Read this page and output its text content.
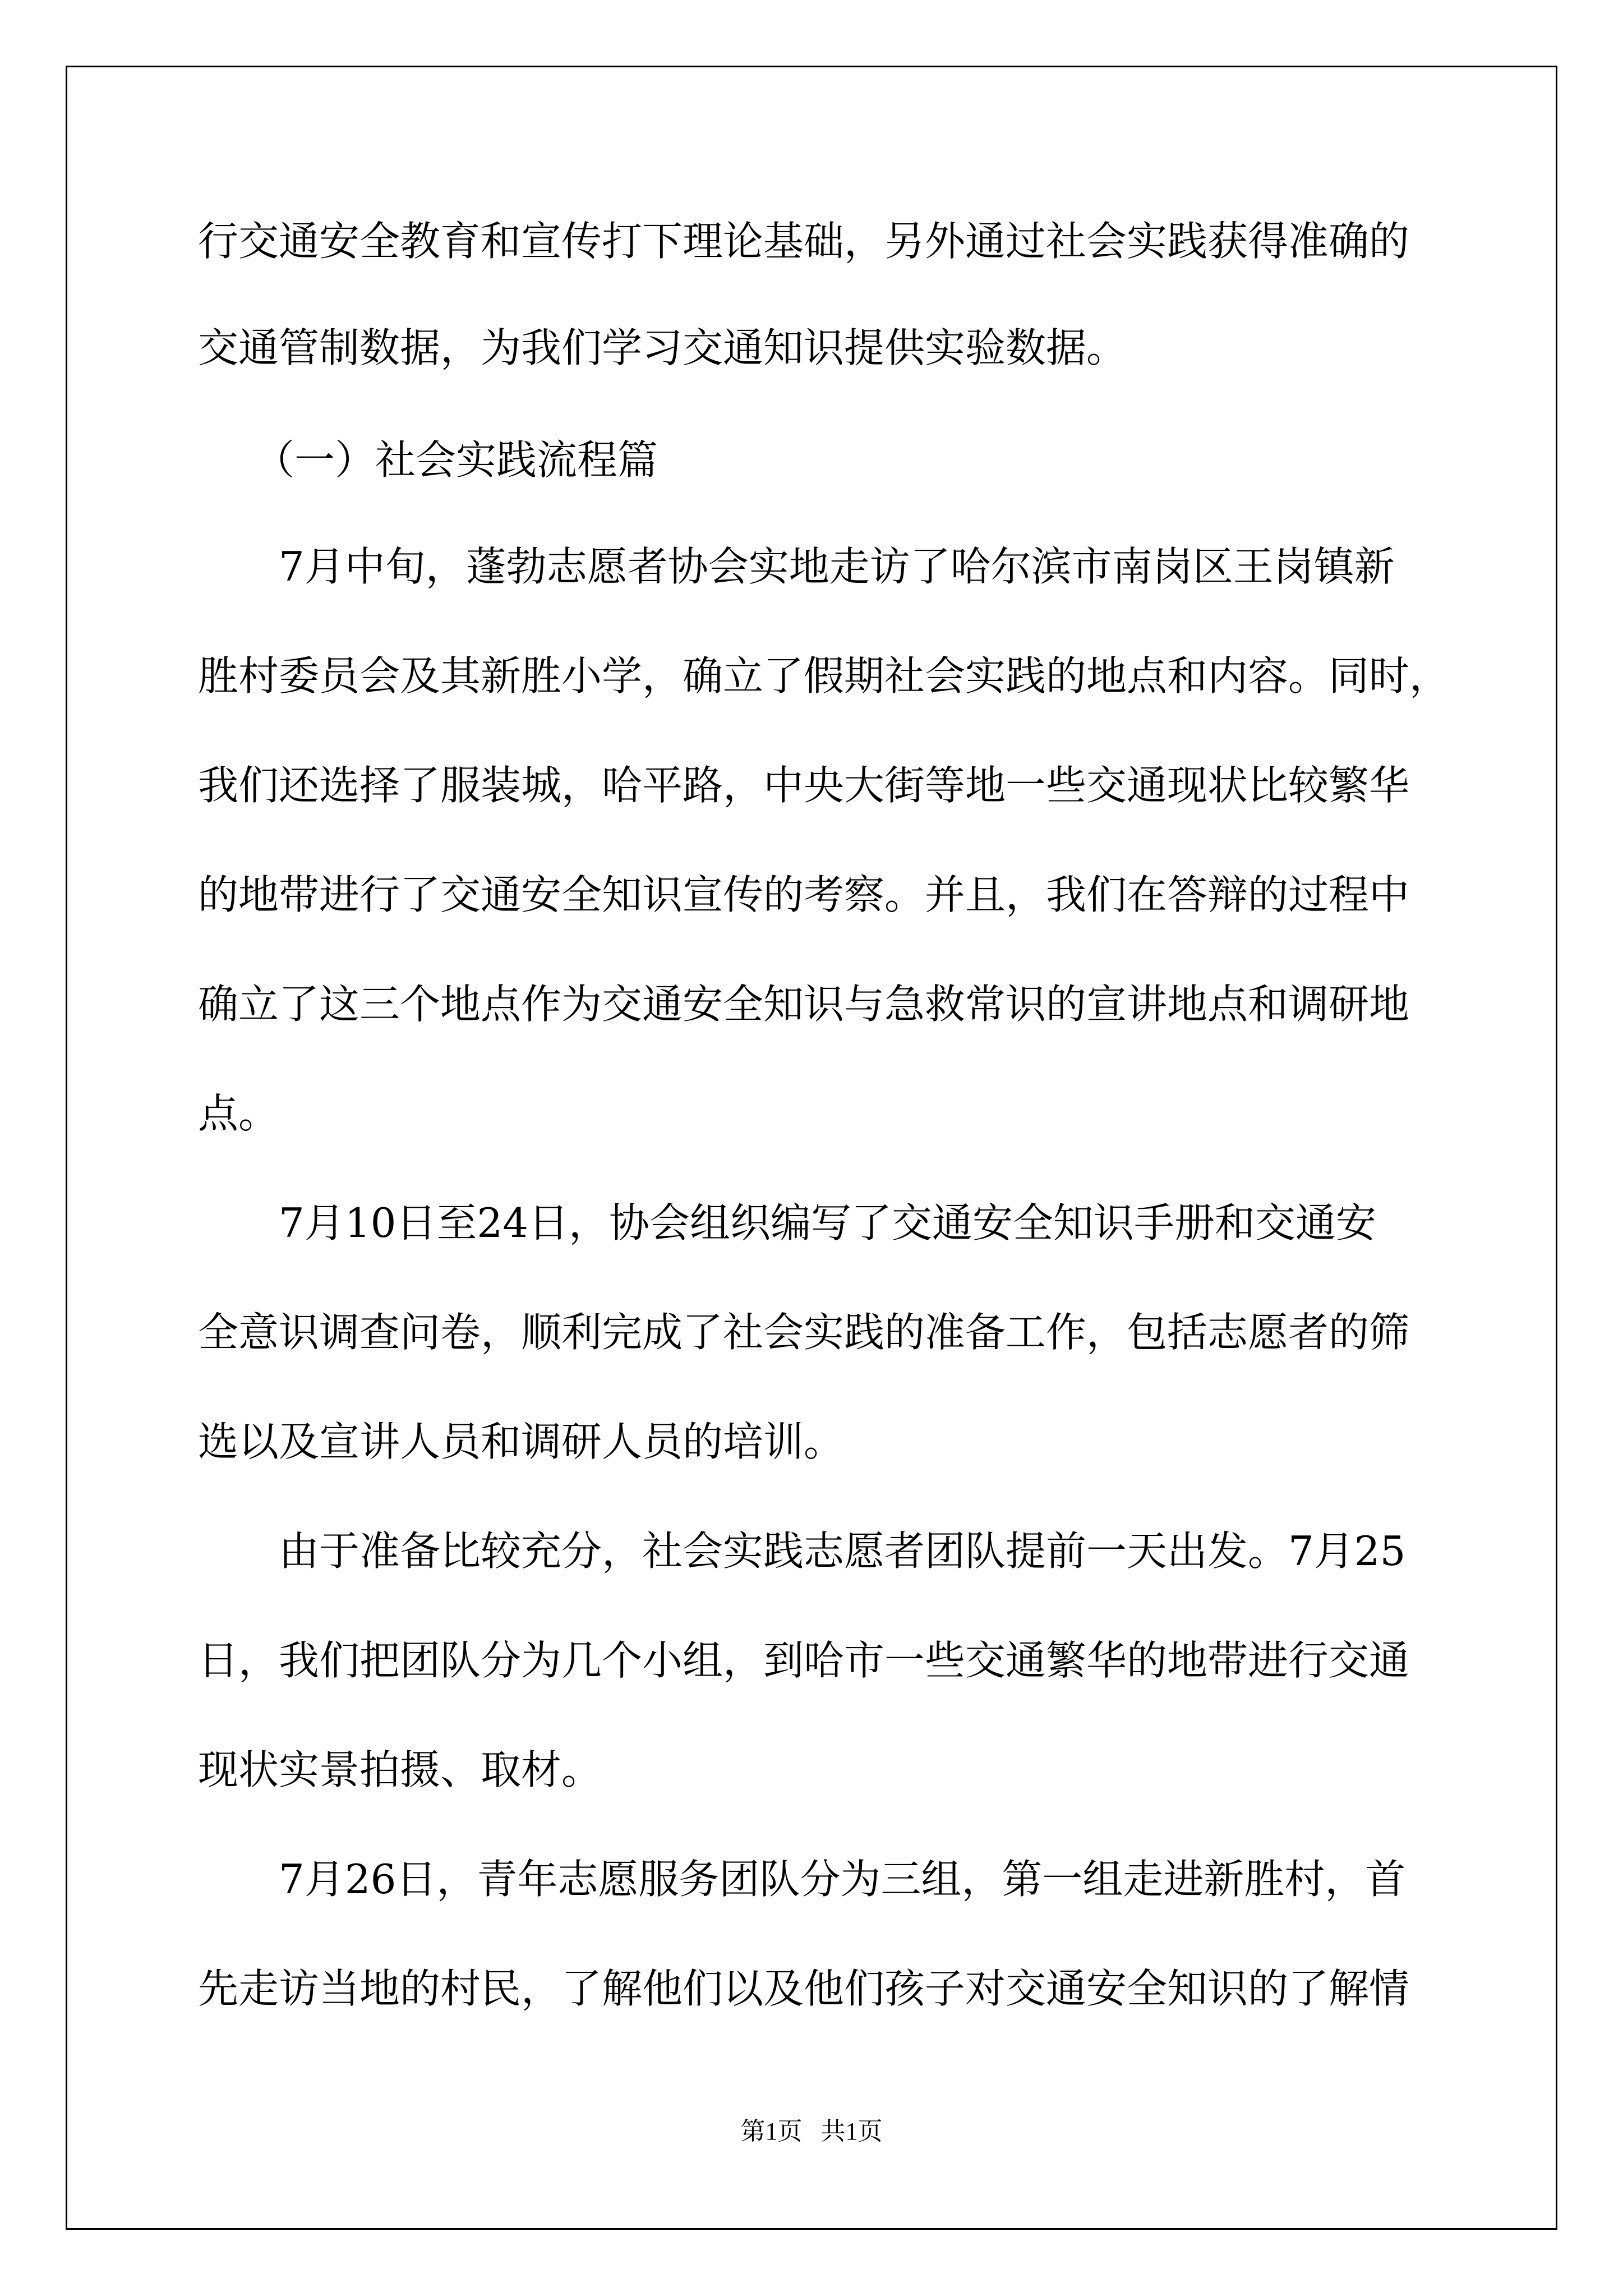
行交通安全教育和宣传打下理论基础，另外通过社会实践获得准确的

交通管制数据，为我们学习交通知识提供实验数据。

（一）社会实践流程篇

7月中旬，蓬勃志愿者协会实地走访了哈尔滨市南岗区王岗镇新

胜村委员会及其新胜小学，确立了假期社会实践的地点和内容。同时，

我们还选择了服装城，哈平路，中央大街等地一些交通现状比较繁华

的地带进行了交通安全知识宣传的考察。并且，我们在答辩的过程中

确立了这三个地点作为交通安全知识与急救常识的宣讲地点和调研地

点。

7月10日至24日，协会组织编写了交通安全知识手册和交通安

全意识调查问卷，顺利完成了社会实践的准备工作，包括志愿者的筛

选以及宣讲人员和调研人员的培训。

由于准备比较充分，社会实践志愿者团队提前一天出发。7月25

日，我们把团队分为几个小组，到哈市一些交通繁华的地带进行交通

现状实景拍摄、取材。

7月26日，青年志愿服务团队分为三组，第一组走进新胜村，首

先走访当地的村民，了解他们以及他们孩子对交通安全知识的了解情

第1页   共1页
